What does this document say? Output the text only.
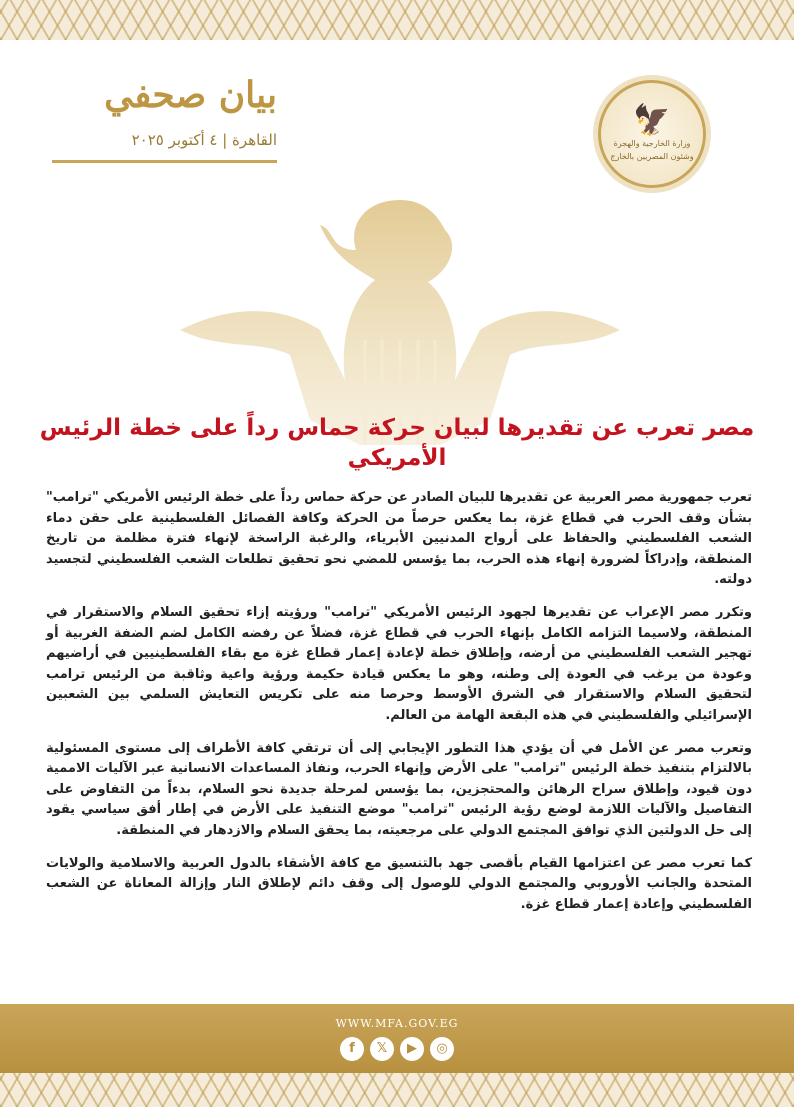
بيان صحفي
القاهرة | ٤ أكتوبر ٢٠٢٥
🦅
وزارة الخارجية والهجرة
وشئون المصريين بالخارج
مصر تعرب عن تقديرها لبيان حركة حماس رداً على خطة الرئيس الأمريكي

تعرب جمهورية مصر العربية عن تقديرها للبيان الصادر عن حركة حماس رداً على خطة الرئيس الأمريكي "ترامب" بشأن وقف الحرب في قطاع غزة، بما يعكس حرصاً من الحركة وكافة الفصائل الفلسطينية على حقن دماء الشعب الفلسطيني والحفاظ على أرواح المدنيين الأبرياء، والرغبة الراسخة لإنهاء فترة مظلمة من تاريخ المنطقة، وإدراكاً لضرورة إنهاء هذه الحرب، بما يؤسس للمضي نحو تحقيق تطلعات الشعب الفلسطيني لتجسيد دولته.

وتكرر مصر الإعراب عن تقديرها لجهود الرئيس الأمريكي "ترامب" ورؤيته إزاء تحقيق السلام والاستقرار في المنطقة، ولاسيما التزامه الكامل بإنهاء الحرب في قطاع غزة، فضلاً عن رفضه الكامل لضم الضفة الغربية أو تهجير الشعب الفلسطيني من أرضه، وإطلاق خطة لإعادة إعمار قطاع غزة مع بقاء الفلسطينيين في أراضيهم وعودة من يرغب في العودة إلى وطنه، وهو ما يعكس قيادة حكيمة ورؤية واعية وثاقبة من الرئيس ترامب لتحقيق السلام والاستقرار في الشرق الأوسط وحرصا منه على تكريس التعايش السلمي بين الشعبين الإسرائيلي والفلسطيني في هذه البقعة الهامة من العالم.

وتعرب مصر عن الأمل في أن يؤدي هذا التطور الإيجابي إلى أن ترتقي كافة الأطراف إلى مستوى المسئولية بالالتزام بتنفيذ خطة الرئيس "ترامب" على الأرض وإنهاء الحرب، ونفاذ المساعدات الانسانية عبر الآليات الاممية دون قيود، وإطلاق سراح الرهائن والمحتجزين، بما يؤسس لمرحلة جديدة نحو السلام، بدءاً من التفاوض على التفاصيل والآليات اللازمة لوضع رؤية الرئيس "ترامب" موضع التنفيذ على الأرض في إطار أفق سياسي يقود إلى حل الدولتين الذي توافق المجتمع الدولي على مرجعيته، بما يحقق السلام والازدهار في المنطقة.

كما تعرب مصر عن اعتزامها القيام بأقصى جهد بالتنسيق مع كافة الأشقاء بالدول العربية والاسلامية والولايات المتحدة والجانب الأوروبي والمجتمع الدولي للوصول إلى وقف دائم لإطلاق النار وإزالة المعاناة عن الشعب الفلسطيني وإعادة إعمار قطاع غزة.

WWW.MFA.GOV.EG
f	𝕏	▶	◎
